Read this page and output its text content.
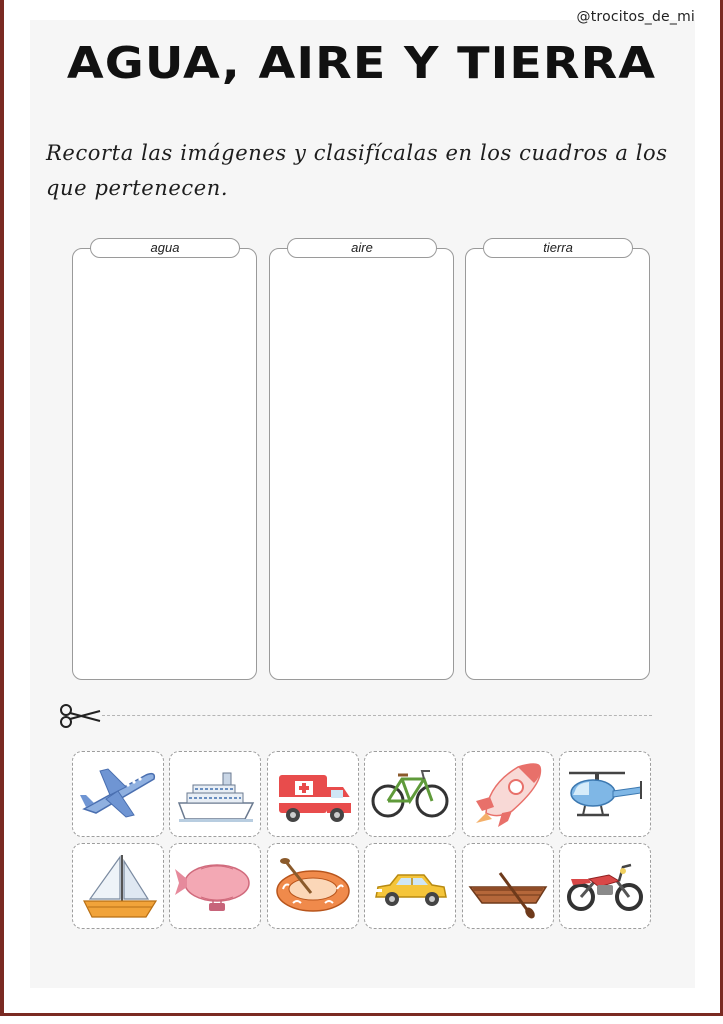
@trocitos_de_mi
AGUA, AIRE Y TIERRA
Recorta las imágenes y clasifícalas en los cuadros a los que pertenecen.
agua	aire	tierra
